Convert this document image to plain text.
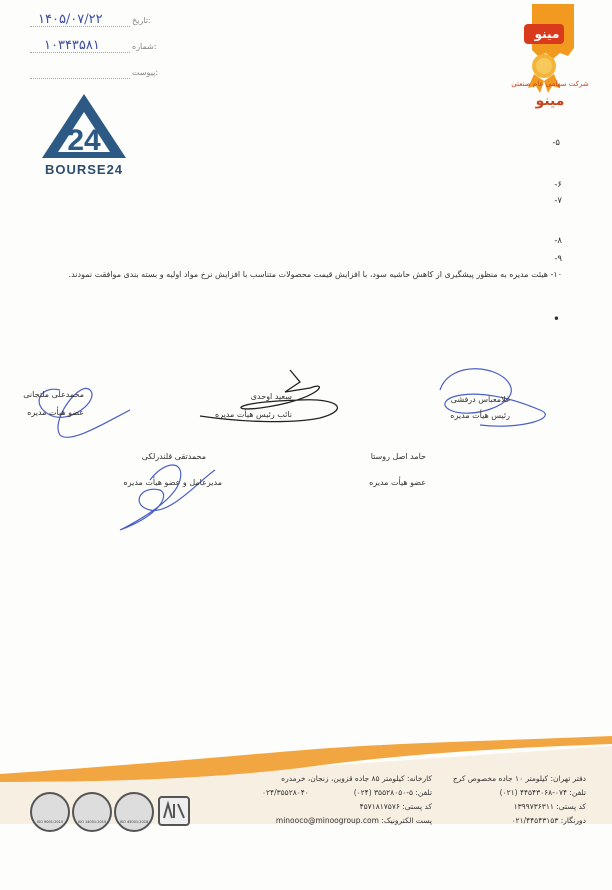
۱۴۰۵/۰۷/۲۲	تاریخ:
۱۰۳۴۳۵۸۱	شماره:
پیوست:
مینو
شرکت سهامی عام صنعتی
مینو
24
BOURSE24
۵-
۶-
۷-
۸-
۹-
۱۰- هیئت مدیره به منظور پیشگیری از کاهش حاشیه سود، با افزایش قیمت محصولات متناسب با افزایش نرخ مواد اولیه و بسته بندی موافقت نمودند.
•
غلامعباس درفشی
رئیس هیأت مدیره
سعید اوحدی
نائب رئیس هیأت مدیره
محمدعلی ملتجانی
عضو هیأت مدیره
حامد اصل روستا
عضو هیأت مدیره
محمدتقی قلندرلکی
مدیرعامل و عضو هیأت مدیره
دفتر تهران: کیلومتر ۱۰ جاده مخصوص کرج
تلفن: ۰۷۴-۴۴۵۴۳۰۶۸ (۰۲۱)
کد پستی: ۱۳۹۹۷۳۶۳۱۱
دورنگار: ۰۲۱/۴۴۵۴۳۱۵۳
کارخانه: کیلومتر ۸۵ جاده قزوین، زنجان، خرمدره
تلفن: ۵-۳۵۵۲۸۰۵۰ (۰۲۴)
۰۲۴/۳۵۵۲۸۰۴۰
کد پستی: ۴۵۷۱۸۱۷۵۷۶
پست الکترونیک: minooco@minoogroup.com
ISO 9001:2015	ISO 14001:2015	ISO 45001:2018
